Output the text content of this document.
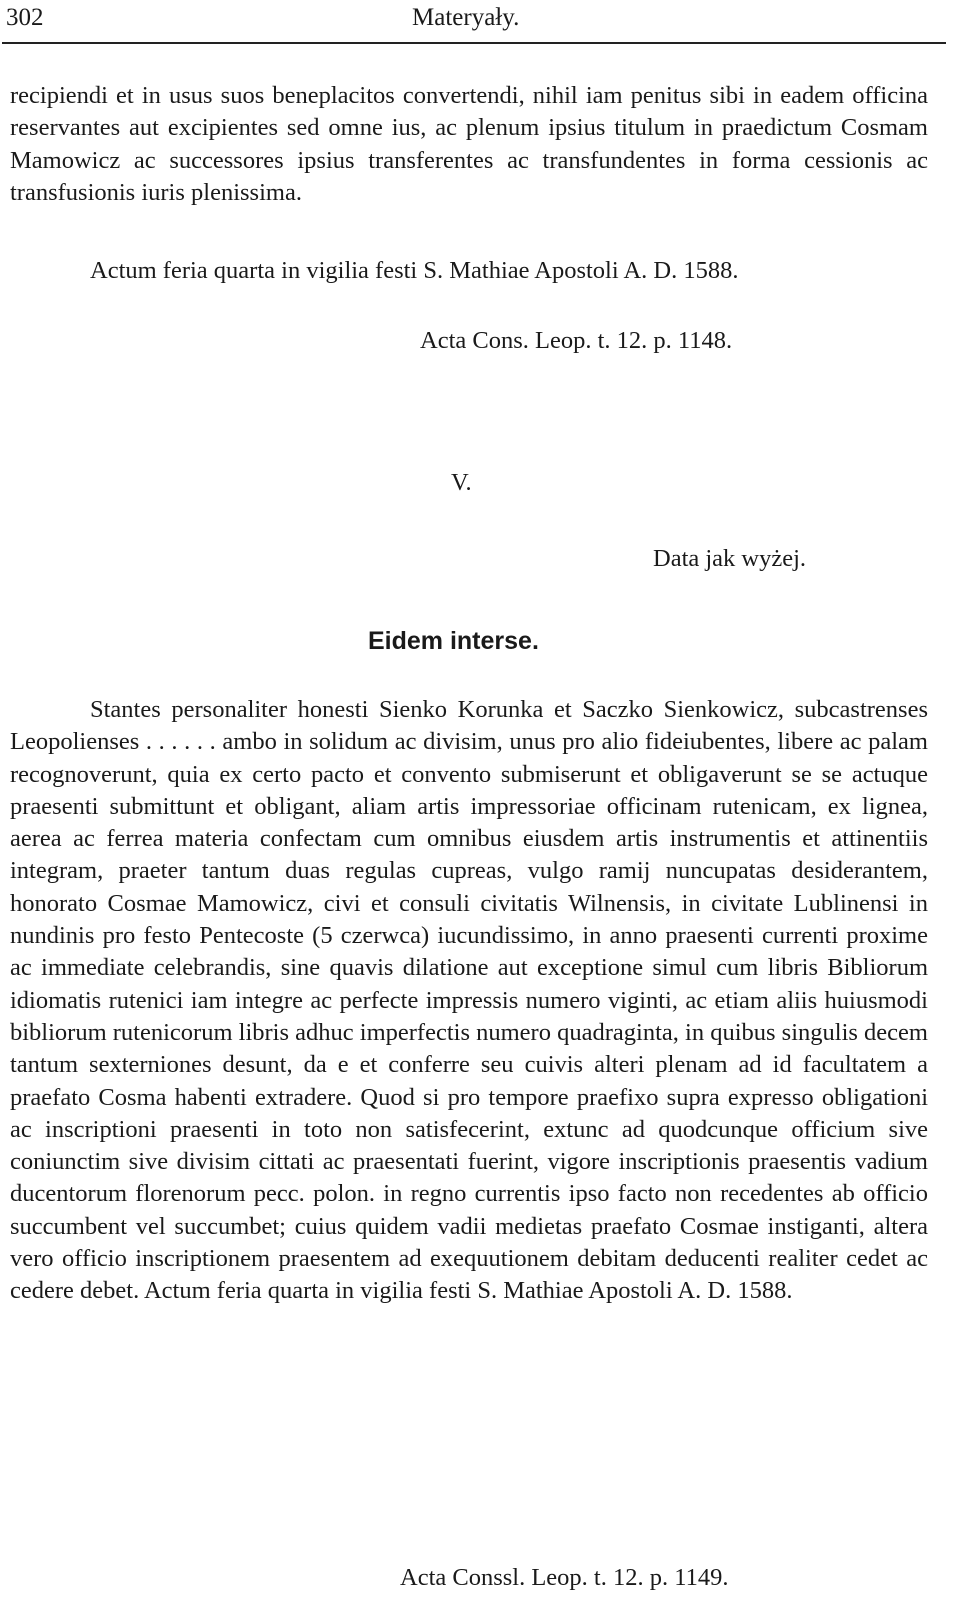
302	Materyały.

recipiendi et in usus suos beneplacitos convertendi, nihil iam penitus sibi in eadem officina reservantes aut excipientes sed omne ius, ac plenum ipsius titulum in praedictum Cosmam Mamowicz ac successores ipsius transferentes ac transfundentes in forma cessionis ac transfusionis iuris plenissima.

Actum feria quarta in vigilia festi S. Mathiae Apostoli A. D. 1588.
Acta Cons. Leop. t. 12. p. 1148.
V.
Data jak wyżej.
Eidem interse.

Stantes personaliter honesti Sienko Korunka et Saczko Sienkowicz, subcastrenses Leopolienses . . . . . . ambo in solidum ac divisim, unus pro alio fideiubentes, libere ac palam recognoverunt, quia ex certo pacto et convento submiserunt et obligaverunt se se actuque praesenti submittunt et obligant, aliam artis impressoriae officinam rutenicam, ex lignea, aerea ac ferrea materia confectam cum omnibus eiusdem artis instrumentis et attinentiis integram, praeter tantum duas regulas cupreas, vulgo ramij nuncupatas desiderantem, honorato Cosmae Mamowicz, civi et consuli civitatis Wilnensis, in civitate Lublinensi in nundinis pro festo Pentecoste (5 czerwca) iucundissimo, in anno praesenti currenti proxime ac immediate celebrandis, sine quavis dilatione aut exceptione simul cum libris Bibliorum idiomatis rutenici iam integre ac perfecte impressis numero viginti, ac etiam aliis huiusmodi bibliorum rutenicorum libris adhuc imperfectis numero quadraginta, in quibus singulis decem tantum sexterniones desunt, da e et conferre seu cuivis alteri plenam ad id facultatem a praefato Cosma habenti extradere. Quod si pro tempore praefixo supra expresso obligationi ac inscriptioni praesenti in toto non satisfecerint, extunc ad quodcunque officium sive coniunctim sive divisim cittati ac praesentati fuerint, vigore inscriptionis praesentis vadium ducentorum florenorum pecc. polon. in regno currentis ipso facto non recedentes ab officio succumbent vel succumbet; cuius quidem vadii medietas praefato Cosmae instiganti, altera vero officio inscriptionem praesentem ad exequutionem debitam deducenti realiter cedet ac cedere debet. Actum feria quarta in vigilia festi S. Mathiae Apostoli A. D. 1588.

Acta Conssl. Leop. t. 12. p. 1149.
